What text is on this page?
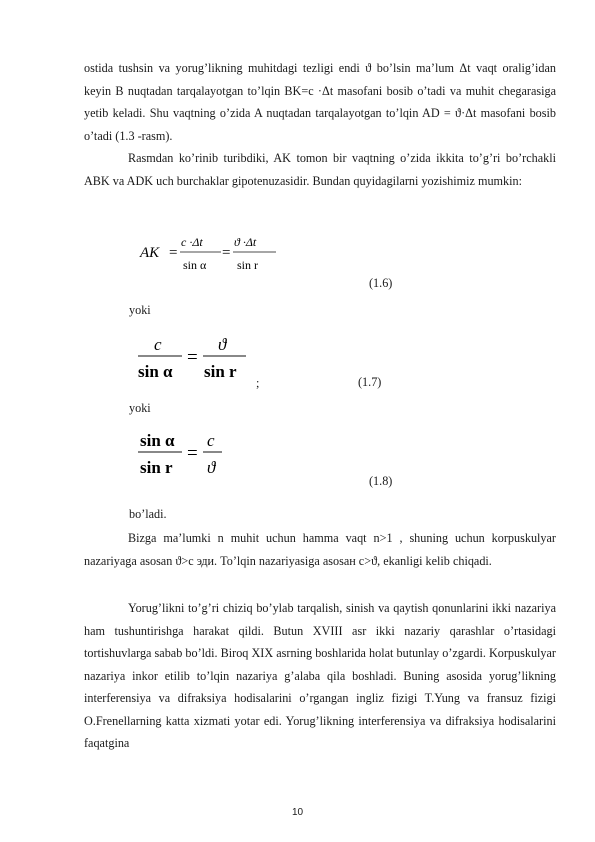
ostida tushsin va yorug’likning muhitdagi tezligi endi ϑ bo’lsin ma’lum Δt vaqt oralig’idan keyin B nuqtadan tarqalayotgan to’lqin BK=c ·Δt masofani bosib o’tadi va muhit chegarasiga yetib keladi. Shu vaqtning o’zida A nuqtadan tarqalayotgan to’lqin AD = ϑ·Δt masofani bosib o’tadi (1.3 -rasm).
Rasmdan ko’rinib turibdiki, AK tomon bir vaqtning o’zida ikkita to’g’ri bo’rchakli ABK va ADK uch burchaklar gipotenuzasidir. Bundan quyidagilarni yozishimiz mumkin:
AK =
c ·Δt
sin α
=
ϑ ·Δt
sin r
(1.6)
yoki
c
sin α
=
ϑ
sin r
;	(1.7)
yoki
sin α
sin r
=
c
ϑ
(1.8)
bo’ladi.
Bizga ma’lumki n muhit uchun hamma vaqt n>1 , shuning uchun korpuskulyar nazariyaga asosan ϑ>c эди. To’lqin nazariyasiga asosан c>ϑ, ekanligi kelib chiqadi.
Yorug’likni to’g’ri chiziq bo’ylab tarqalish, sinish va qaytish qonunlarini ikki nazariya ham tushuntirishga harakat qildi. Butun XVIII asr ikki nazariy qarashlar o’rtasidagi tortishuvlarga sabab bo’ldi. Biroq XIX asrning boshlarida holat butunlay o’zgardi. Korpuskulyar nazariya inkor etilib to’lqin nazariya g’alaba qila boshladi. Buning asosida yorug’likning interferensiya va difraksiya hodisalarini o’rgangan ingliz fizigi T.Yung va fransuz fizigi O.Frenellarning katta xizmati yotar edi. Yorug’likning interferensiya va difraksiya hodisalarini faqatgina
10
